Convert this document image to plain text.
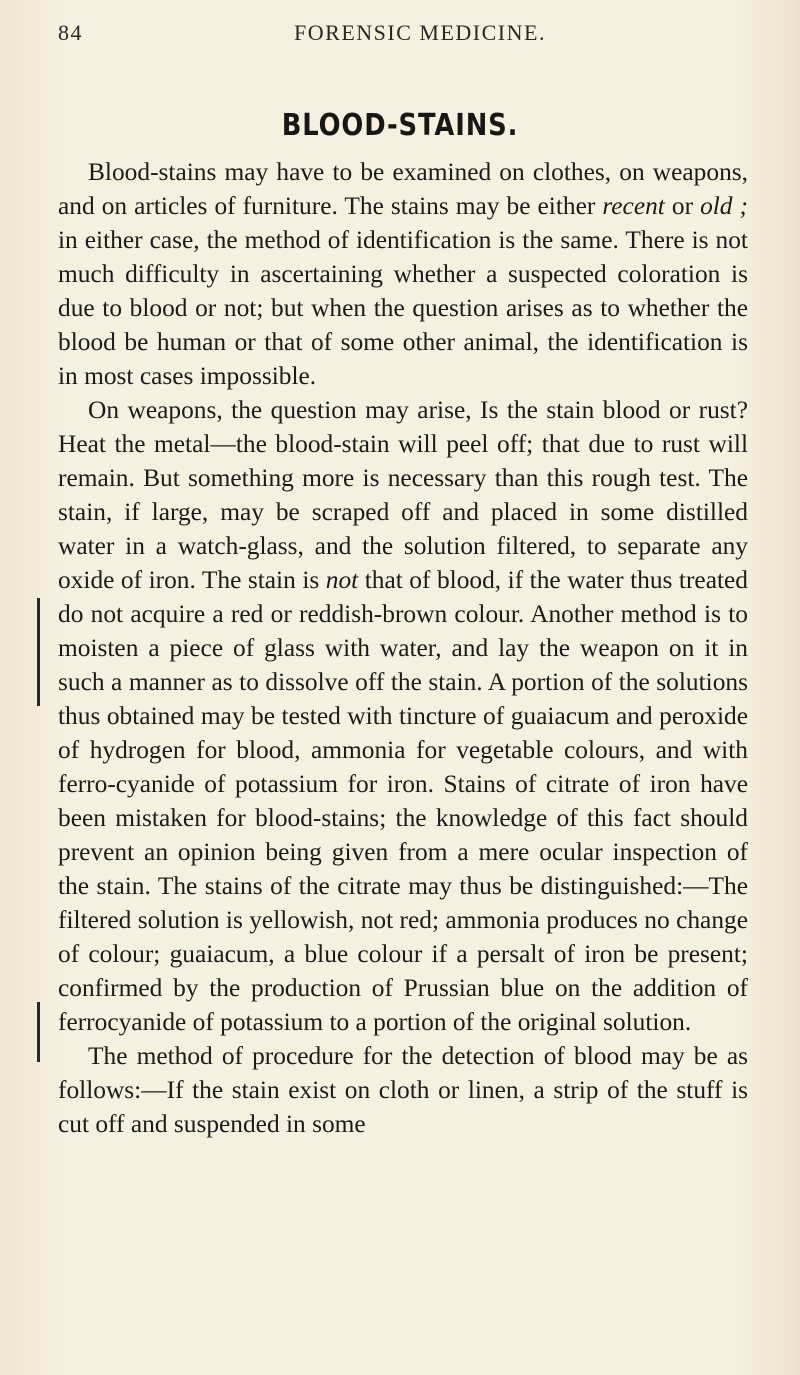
84	FORENSIC MEDICINE.
BLOOD-STAINS.

Blood-stains may have to be examined on clothes, on weapons, and on articles of furniture. The stains may be either recent or old ; in either case, the method of identification is the same. There is not much difficulty in ascertaining whether a suspected coloration is due to blood or not; but when the question arises as to whether the blood be human or that of some other animal, the identification is in most cases impossible.

On weapons, the question may arise, Is the stain blood or rust? Heat the metal—the blood-stain will peel off; that due to rust will remain. But something more is necessary than this rough test. The stain, if large, may be scraped off and placed in some distilled water in a watch-glass, and the solution filtered, to separate any oxide of iron. The stain is not that of blood, if the water thus treated do not acquire a red or reddish-brown colour. Another method is to moisten a piece of glass with water, and lay the weapon on it in such a manner as to dissolve off the stain. A portion of the solutions thus obtained may be tested with tincture of guaiacum and peroxide of hydrogen for blood, ammonia for vegetable colours, and with ferro-cyanide of potassium for iron. Stains of citrate of iron have been mistaken for blood-stains; the knowledge of this fact should prevent an opinion being given from a mere ocular inspection of the stain. The stains of the citrate may thus be distinguished:—The filtered solution is yellowish, not red; ammonia produces no change of colour; guaiacum, a blue colour if a persalt of iron be present; confirmed by the production of Prussian blue on the addition of ferrocyanide of potassium to a portion of the original solution.

The method of procedure for the detection of blood may be as follows:—If the stain exist on cloth or linen, a strip of the stuff is cut off and suspended in some
